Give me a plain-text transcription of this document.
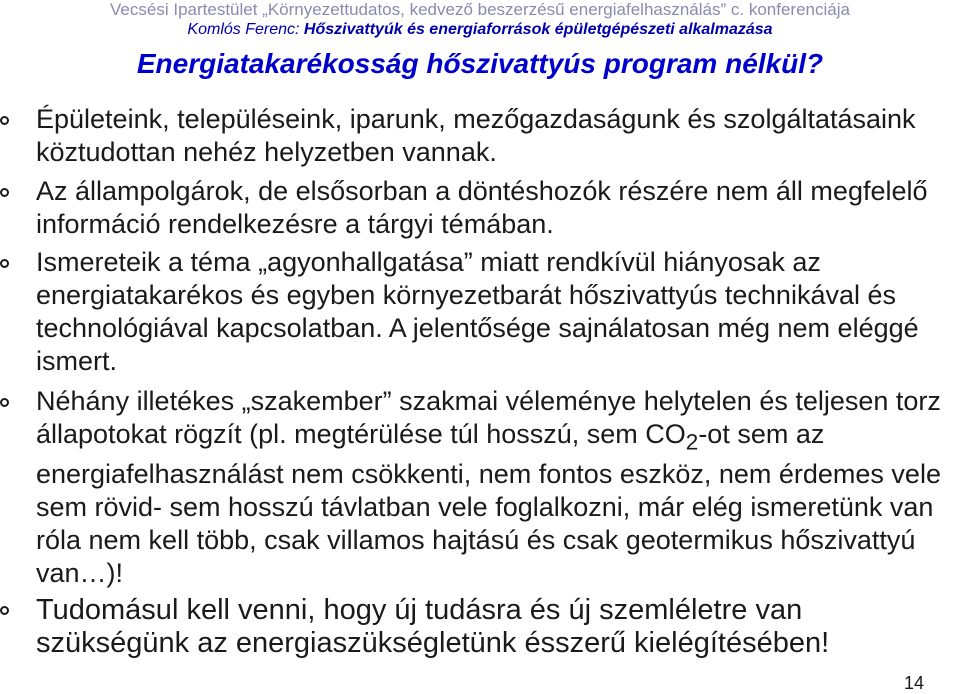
Vecsési Ipartestület „Környezettudatos, kedvező beszerzésű energiafelhasználás” c. konferenciája
Komlós Ferenc: Hőszivattyúk és energiaforrások épületgépészeti alkalmazása
Energiatakarékosság hőszivattyús program nélkül?
Épületeink, településeink, iparunk, mezőgazdaságunk és szolgáltatásaink köztudottan nehéz helyzetben vannak.
Az állampolgárok, de elsősorban a döntéshozók részére nem áll megfelelő információ rendelkezésre a tárgyi témában.
Ismereteik a téma „agyonhallgatása” miatt rendkívül hiányosak az energiatakarékos és egyben környezetbarát hőszivattyús technikával és technológiával kapcsolatban. A jelentősége sajnálatosan még nem eléggé ismert.
Néhány illetékes „szakember” szakmai véleménye helytelen és teljesen torz állapotokat rögzít (pl. megtérülése túl hosszú, sem $CO_2-ot$ sem az energiafelhasználást nem csökkenti, nem fontos eszköz, nem érdemes vele sem rövid- sem hosszú távlatban vele foglalkozni, már elég ismeretünk van róla nem kell több, csak villamos hajtású és csak geotermikus hőszivattyú van…)!
Tudomásul kell venni, hogy új tudásra és új szemléletre van szükségünk az energiaszükségletünk ésszerű kielégítésében!
14
